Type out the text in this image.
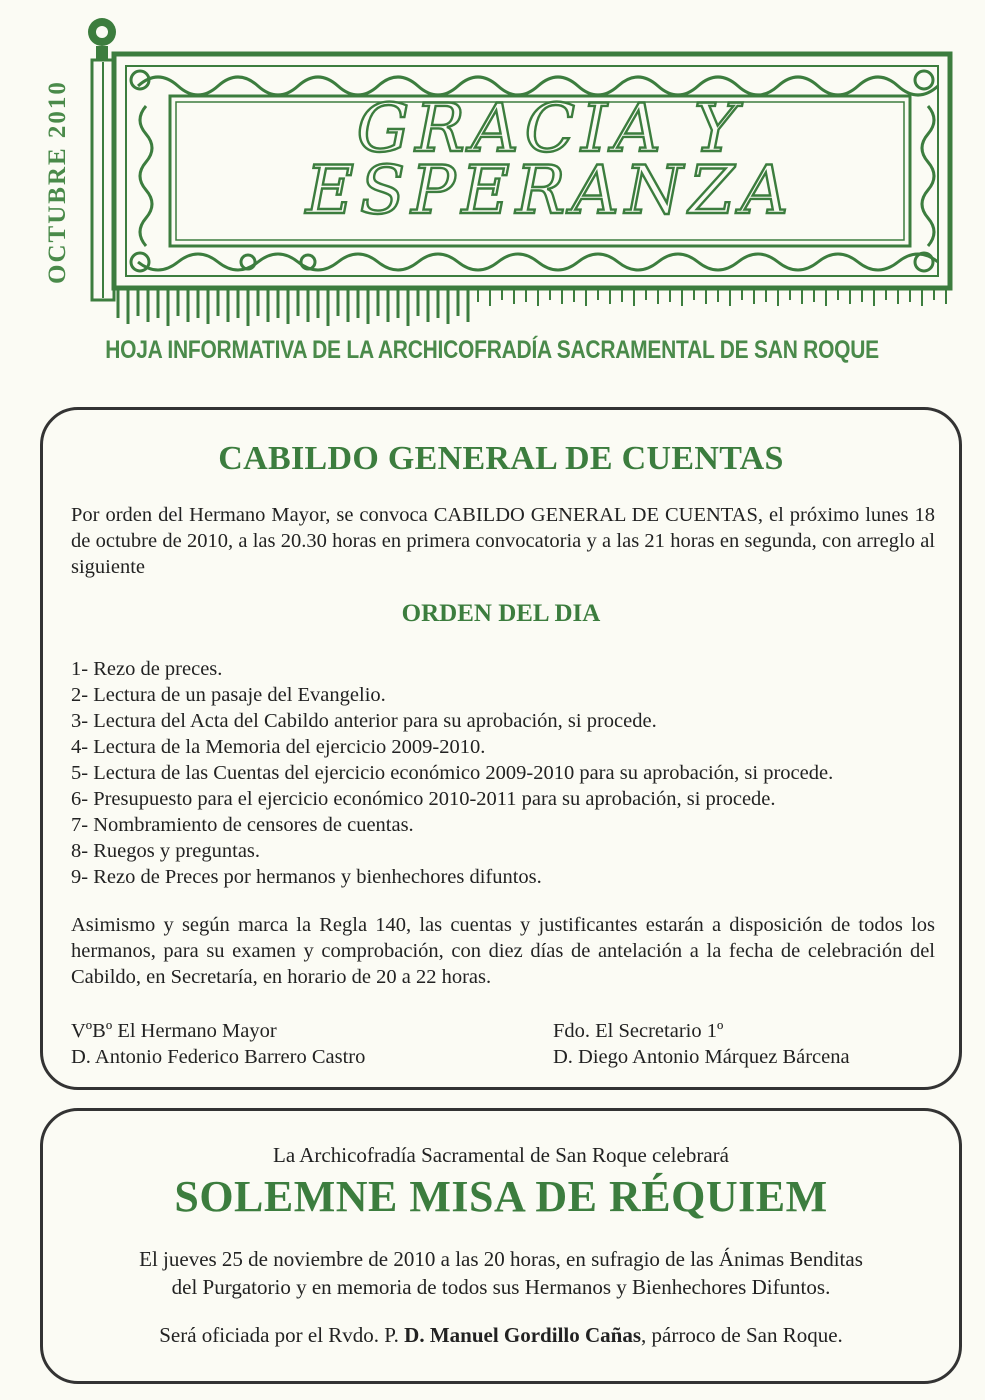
OCTUBRE 2010	GRACIA Y
ESPERANZA
HOJA INFORMATIVA DE LA ARCHICOFRADÍA SACRAMENTAL DE SAN ROQUE
CABILDO GENERAL DE CUENTAS
Por orden del Hermano Mayor, se convoca CABILDO GENERAL DE CUENTAS, el próximo lunes 18 de octubre de 2010, a las 20.30 horas en primera convocatoria y a las 21 horas en segunda, con arreglo al siguiente
ORDEN DEL DIA
1- Rezo de preces.
2- Lectura de un pasaje del Evangelio.
3- Lectura del Acta del Cabildo anterior para su aprobación, si procede.
4- Lectura de la Memoria del ejercicio 2009-2010.
5- Lectura de las Cuentas del ejercicio económico 2009-2010 para su aprobación, si procede.
6- Presupuesto para el ejercicio económico 2010-2011 para su aprobación, si procede.
7- Nombramiento de censores de cuentas.
8- Ruegos y preguntas.
9- Rezo de Preces por hermanos y bienhechores difuntos.
Asimismo y según marca la Regla 140, las cuentas y justificantes estarán a disposición de todos los hermanos, para su examen y comprobación, con diez días de antelación a la fecha de celebración del Cabildo, en Secretaría, en horario de 20 a 22 horas.
VºBº El Hermano Mayor
D. Antonio Federico Barrero Castro
Fdo. El Secretario 1º
D. Diego Antonio Márquez Bárcena
La Archicofradía Sacramental de San Roque celebrará
SOLEMNE MISA DE RÉQUIEM
El jueves 25 de noviembre de 2010 a las 20 horas, en sufragio de las Ánimas Benditas
del Purgatorio y en memoria de todos sus Hermanos y Bienhechores Difuntos.
Será oficiada por el Rvdo. P. D. Manuel Gordillo Cañas, párroco de San Roque.
